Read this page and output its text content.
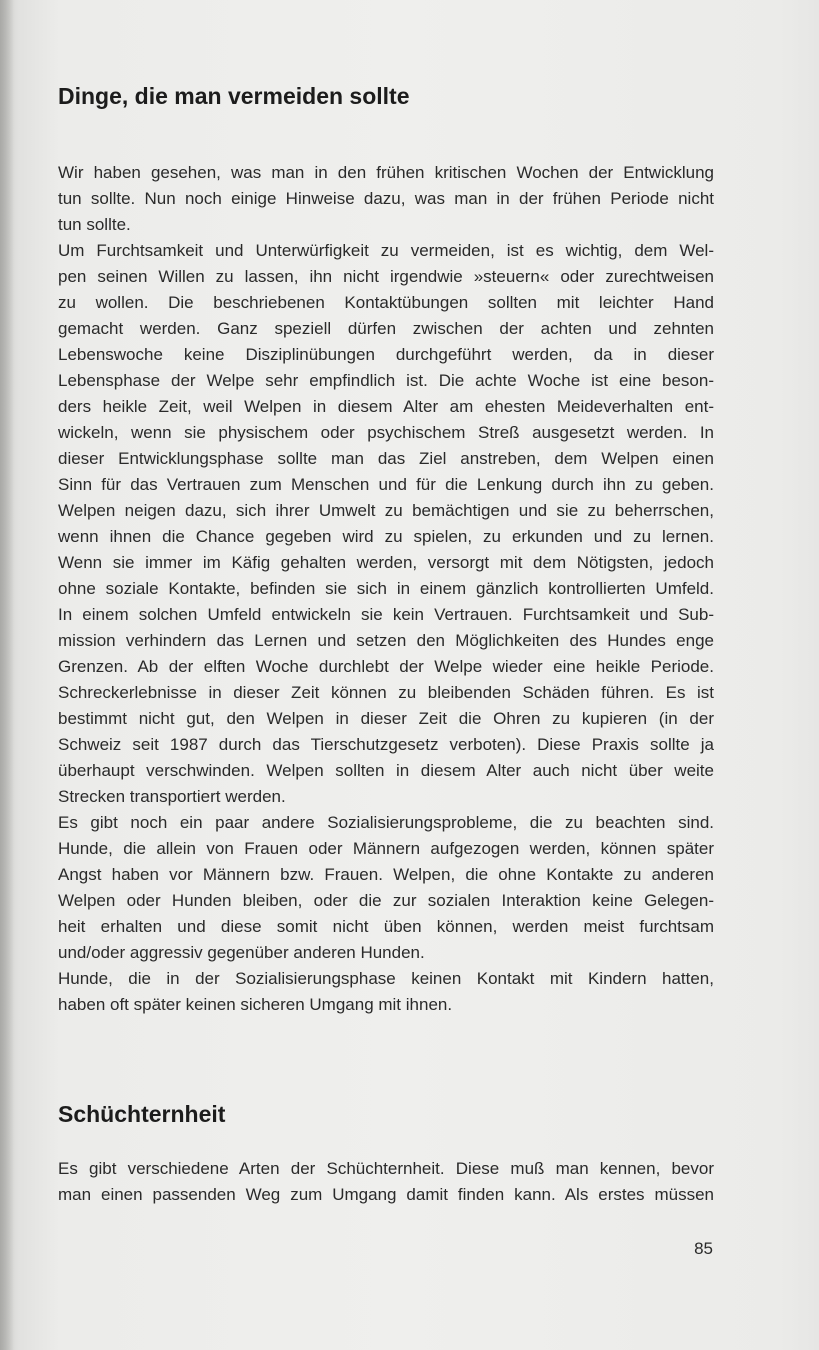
Dinge, die man vermeiden sollte
Wir haben gesehen, was man in den frühen kritischen Wochen der Entwicklung
tun sollte. Nun noch einige Hinweise dazu, was man in der frühen Periode nicht
tun sollte.
Um Furchtsamkeit und Unterwürfigkeit zu vermeiden, ist es wichtig, dem Wel-
pen seinen Willen zu lassen, ihn nicht irgendwie »steuern« oder zurechtweisen
zu wollen. Die beschriebenen Kontaktübungen sollten mit leichter Hand
gemacht werden. Ganz speziell dürfen zwischen der achten und zehnten
Lebenswoche keine Disziplinübungen durchgeführt werden, da in dieser
Lebensphase der Welpe sehr empfindlich ist. Die achte Woche ist eine beson-
ders heikle Zeit, weil Welpen in diesem Alter am ehesten Meideverhalten ent-
wickeln, wenn sie physischem oder psychischem Streß ausgesetzt werden. In
dieser Entwicklungsphase sollte man das Ziel anstreben, dem Welpen einen
Sinn für das Vertrauen zum Menschen und für die Lenkung durch ihn zu geben.
Welpen neigen dazu, sich ihrer Umwelt zu bemächtigen und sie zu beherrschen,
wenn ihnen die Chance gegeben wird zu spielen, zu erkunden und zu lernen.
Wenn sie immer im Käfig gehalten werden, versorgt mit dem Nötigsten, jedoch
ohne soziale Kontakte, befinden sie sich in einem gänzlich kontrollierten Umfeld.
In einem solchen Umfeld entwickeln sie kein Vertrauen. Furchtsamkeit und Sub-
mission verhindern das Lernen und setzen den Möglichkeiten des Hundes enge
Grenzen. Ab der elften Woche durchlebt der Welpe wieder eine heikle Periode.
Schreckerlebnisse in dieser Zeit können zu bleibenden Schäden führen. Es ist
bestimmt nicht gut, den Welpen in dieser Zeit die Ohren zu kupieren (in der
Schweiz seit 1987 durch das Tierschutzgesetz verboten). Diese Praxis sollte ja
überhaupt verschwinden. Welpen sollten in diesem Alter auch nicht über weite
Strecken transportiert werden.
Es gibt noch ein paar andere Sozialisierungsprobleme, die zu beachten sind.
Hunde, die allein von Frauen oder Männern aufgezogen werden, können später
Angst haben vor Männern bzw. Frauen. Welpen, die ohne Kontakte zu anderen
Welpen oder Hunden bleiben, oder die zur sozialen Interaktion keine Gelegen-
heit erhalten und diese somit nicht üben können, werden meist furchtsam
und/oder aggressiv gegenüber anderen Hunden.
Hunde, die in der Sozialisierungsphase keinen Kontakt mit Kindern hatten,
haben oft später keinen sicheren Umgang mit ihnen.
Schüchternheit
Es gibt verschiedene Arten der Schüchternheit. Diese muß man kennen, bevor
man einen passenden Weg zum Umgang damit finden kann. Als erstes müssen
85
